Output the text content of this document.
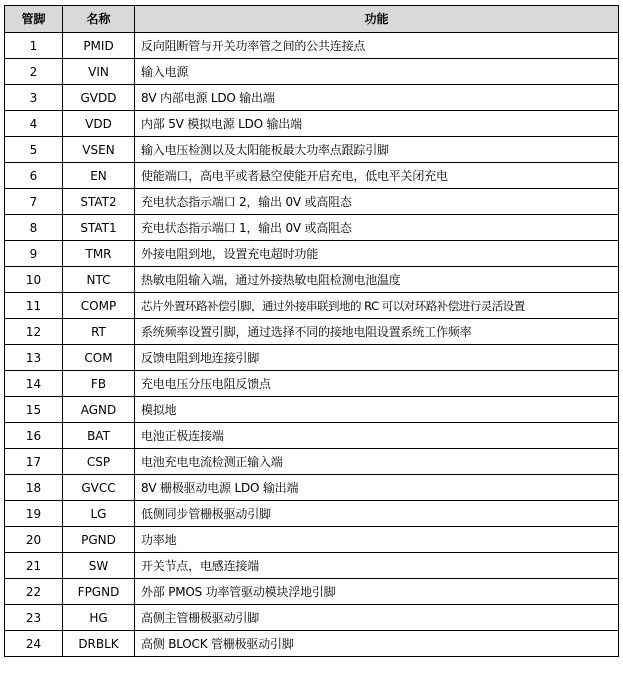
管脚	名称	功能
1	PMID	反向阻断管与开关功率管之间的公共连接点
2	VIN	输入电源
3	GVDD	8V 内部电源 LDO 输出端
4	VDD	内部 5V 模拟电源 LDO 输出端
5	VSEN	输入电压检测以及太阳能板最大功率点跟踪引脚
6	EN	使能端口，高电平或者悬空使能开启充电，低电平关闭充电
7	STAT2	充电状态指示端口 2，输出 0V 或高阻态
8	STAT1	充电状态指示端口 1，输出 0V 或高阻态
9	TMR	外接电阻到地，设置充电超时功能
10	NTC	热敏电阻输入端，通过外接热敏电阻检测电池温度
11	COMP	芯片外置环路补偿引脚，通过外接串联到地的 RC 可以对环路补偿进行灵活设置
12	RT	系统频率设置引脚，通过选择不同的接地电阻设置系统工作频率
13	COM	反馈电阻到地连接引脚
14	FB	充电电压分压电阻反馈点
15	AGND	模拟地
16	BAT	电池正极连接端
17	CSP	电池充电电流检测正输入端
18	GVCC	8V 栅极驱动电源 LDO 输出端
19	LG	低侧同步管栅极驱动引脚
20	PGND	功率地
21	SW	开关节点，电感连接端
22	FPGND	外部 PMOS 功率管驱动模块浮地引脚
23	HG	高侧主管栅极驱动引脚
24	DRBLK	高侧 BLOCK 管栅极驱动引脚
